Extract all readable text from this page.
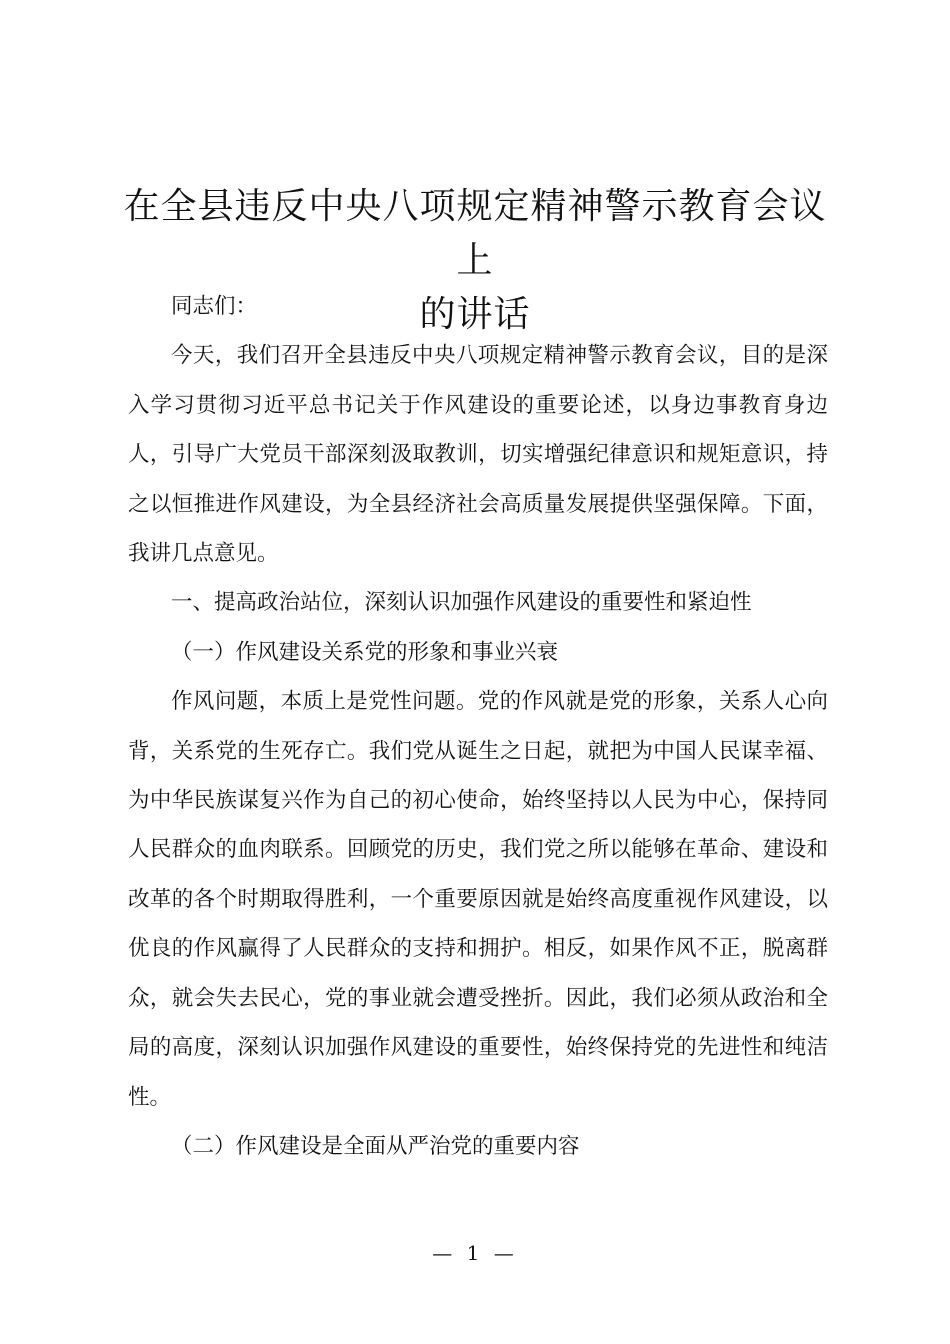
在全县违反中央八项规定精神警示教育会议上
的讲话

同志们：

今天，我们召开全县违反中央八项规定精神警示教育会议，目的是深入学习贯彻习近平总书记关于作风建设的重要论述，以身边事教育身边人，引导广大党员干部深刻汲取教训，切实增强纪律意识和规矩意识，持之以恒推进作风建设，为全县经济社会高质量发展提供坚强保障。下面，我讲几点意见。

一、提高政治站位，深刻认识加强作风建设的重要性和紧迫性

（一）作风建设关系党的形象和事业兴衰

作风问题，本质上是党性问题。党的作风就是党的形象，关系人心向背，关系党的生死存亡。我们党从诞生之日起，就把为中国人民谋幸福、为中华民族谋复兴作为自己的初心使命，始终坚持以人民为中心，保持同人民群众的血肉联系。回顾党的历史，我们党之所以能够在革命、建设和改革的各个时期取得胜利，一个重要原因就是始终高度重视作风建设，以优良的作风赢得了人民群众的支持和拥护。相反，如果作风不正，脱离群众，就会失去民心，党的事业就会遭受挫折。因此，我们必须从政治和全局的高度，深刻认识加强作风建设的重要性，始终保持党的先进性和纯洁性。

（二）作风建设是全面从严治党的重要内容

— 1 —
